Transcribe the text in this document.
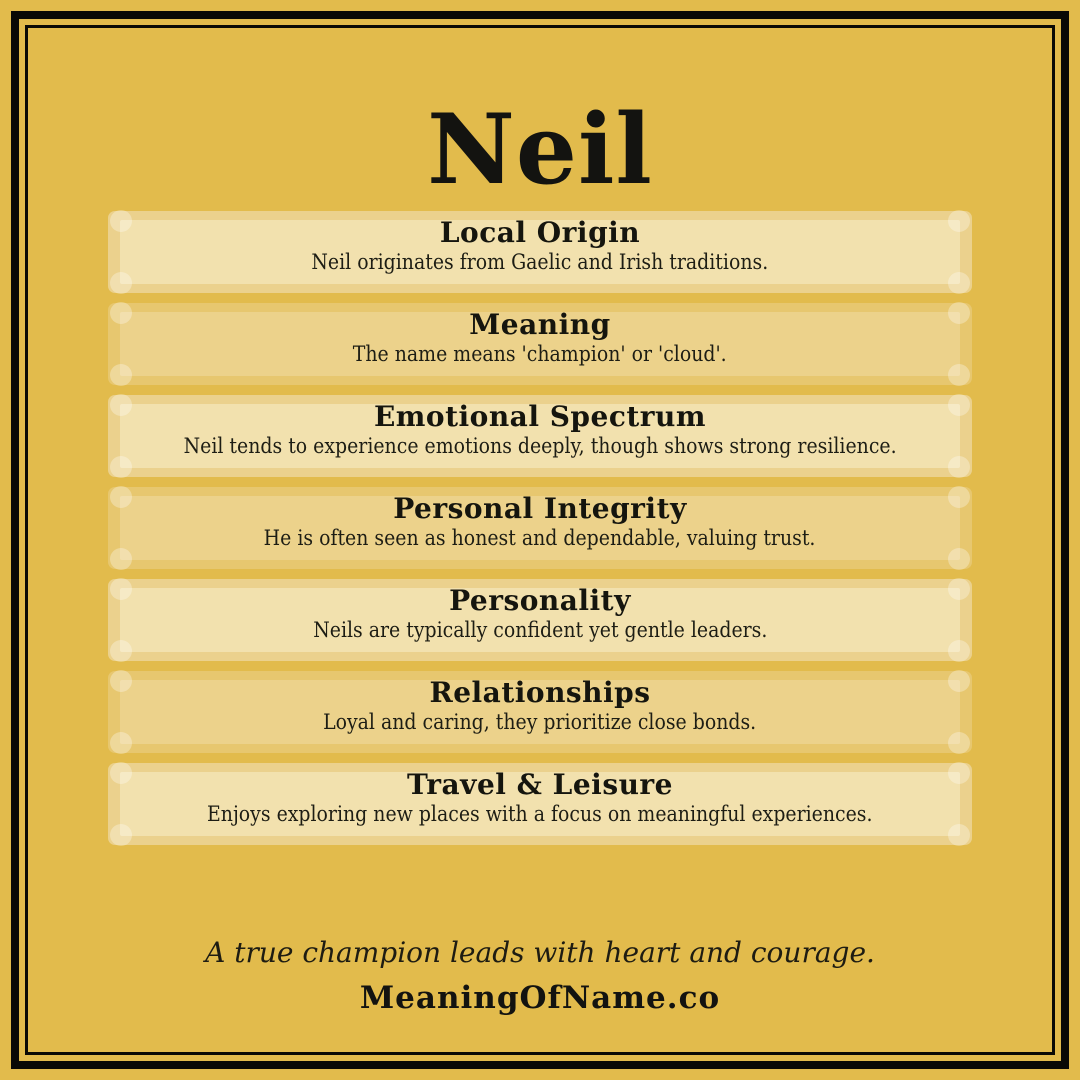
Neil
Local Origin
Neil originates from Gaelic and Irish traditions.
Meaning
The name means 'champion' or 'cloud'.
Emotional Spectrum
Neil tends to experience emotions deeply, though shows strong resilience.
Personal Integrity
He is often seen as honest and dependable, valuing trust.
Personality
Neils are typically confident yet gentle leaders.
Relationships
Loyal and caring, they prioritize close bonds.
Travel & Leisure
Enjoys exploring new places with a focus on meaningful experiences.
A true champion leads with heart and courage.
MeaningOfName.co
